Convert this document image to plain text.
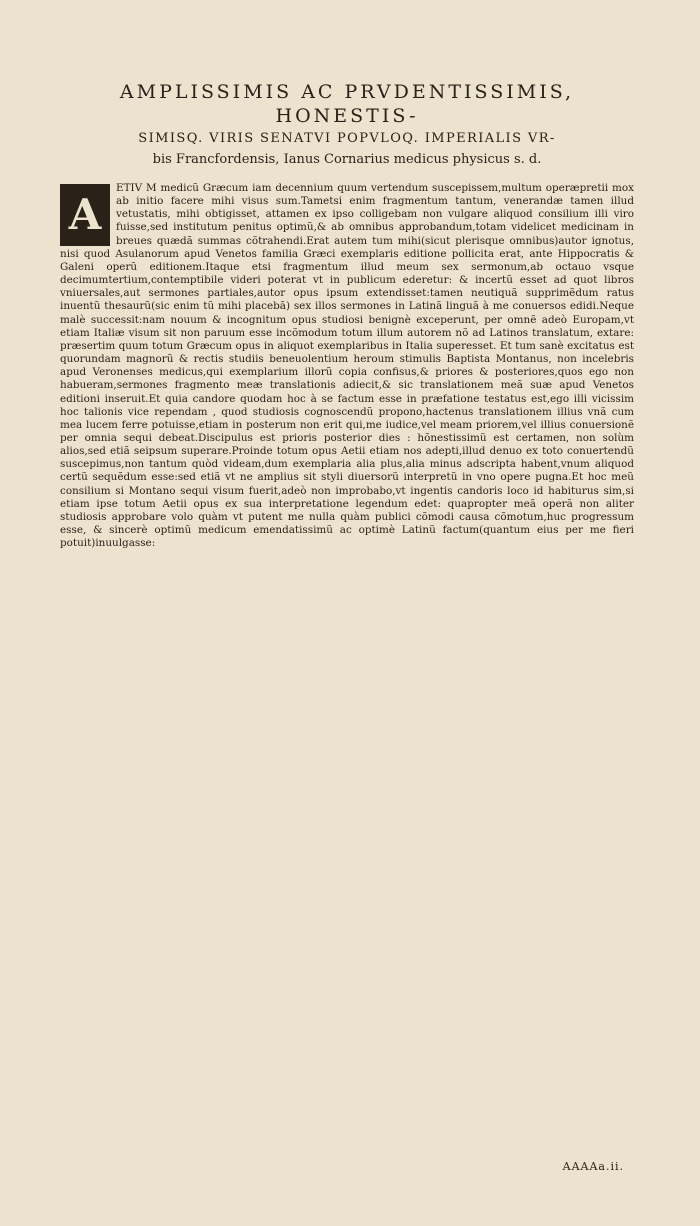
AMPLISSIMIS AC PRVDENTISSIMIS, HONESTIS-
SIMISQ. VIRIS SENATVI POPVLOQ. IMPERIALIS VR-
bis Francfordensis, Ianus Cornarius medicus physicus s. d.
A

ETIV M medicũ Græcum iam decennium quum vertendum suscepissem,multum operæpretii mox ab initio facere mihi visus sum.Tametsi enim fragmentum tantum, venerandæ tamen illud vetustatis, mihi obtigisset, attamen ex ipso colligebam non vulgare aliquod consilium illi viro fuisse,sed institutum penitus optimũ,& ab omnibus approbandum,totam videlicet medicinam in breues quædã summas cõtrahendi.Erat autem tum mihi(sicut plerisque omnibus)autor ignotus, nisi quod Asulanorum apud Venetos familia Græci exemplaris editione pollicita erat, ante Hippocratis & Galeni operũ editionem.Itaque etsi fragmentum illud meum sex sermonum,ab octauo vsque decimumtertium,contemptibile videri poterat vt in publicum ederetur: & incertũ esset ad quot libros vniuersales,aut sermones partiales,autor opus ipsum extendisset:tamen neutiquã supprimẽdum ratus inuentũ thesaurũ(sic enim tũ mihi placebã) sex illos sermones in Latinã linguã à me conuersos edidi.Neque malè successit:nam nouum & incognitum opus studiosi benignè exceperunt, per omnẽ adeò Europam,vt etiam Italiæ visum sit non paruum esse incõmodum totum illum autorem nõ ad Latinos translatum, extare: præsertim quum totum Græcum opus in aliquot exemplaribus in Italia superesset. Et tum sanè excitatus est quorundam magnorũ & rectis studiis beneuolentium heroum stimulis Baptista Montanus, non incelebris apud Veronenses medicus,qui exemplarium illorũ copia confisus,& priores & posteriores,quos ego non habueram,sermones fragmento meæ translationis adiecit,& sic translationem meã suæ apud Venetos editioni inseruit.Et quia candore quodam hoc à se factum esse in præfatione testatus est,ego illi vicissim hoc talionis vice rependam , quod studiosis cognoscendũ propono,hactenus translationem illius vnã cum mea lucem ferre potuisse,etiam in posterum non erit qui,me iudice,vel meam priorem,vel illius conuersionẽ per omnia sequi debeat.Discipulus est prioris posterior dies : hõnestissimũ est certamen, non solùm alios,sed etiã seipsum superare.Proinde totum opus Aetii etiam nos adepti,illud denuo ex toto conuertendũ suscepimus,non tantum quòd videam,dum exemplaria alia plus,alia minus adscripta habent,vnum aliquod certũ sequẽdum esse:sed etiã vt ne amplius sit styli diuersorũ interpretũ in vno opere pugna.Et hoc meũ consilium si Montano sequi visum fuerit,adeò non improbabo,vt ingentis candoris loco id habiturus sim,si etiam ipse totum Aetii opus ex sua interpretatione legendum edet: quapropter meã operã non aliter studiosis approbare volo quàm vt putent me nulla quàm publici cõmodi causa cõmotum,huc progressum esse, & sincerè optimũ medicum emendatissimũ ac optimè Latinũ factum(quantum eius per me fieri potuit)inuulgasse:

AAAAa.ii.
